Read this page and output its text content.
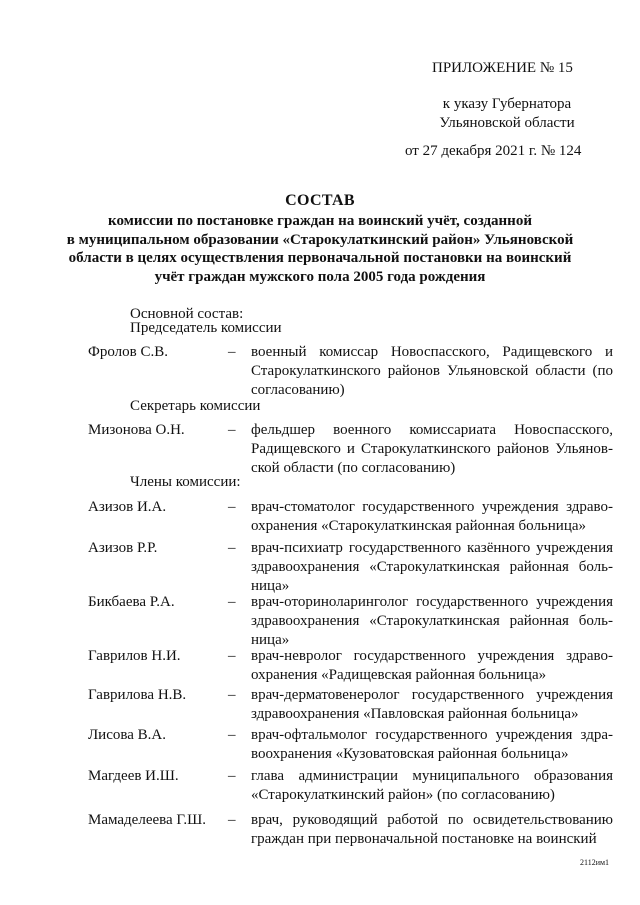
ПРИЛОЖЕНИЕ № 15
к указу Губернатора
Ульяновской области
от 27 декабря 2021 г. № 124
СОСТАВ
комиссии по постановке граждан на воинский учёт, созданной
в муниципальном образовании «Старокулаткинский район» Ульяновской
области в целях осуществления первоначальной постановки на воинский
учёт граждан мужского пола 2005 года рождения
Основной состав:
Председатель комиссии
Фролов С.В.	– военный комиссар Новоспасского, Радищевского и Старокулаткинского районов Ульяновской области (по согласованию)
Секретарь комиссии
Мизонова О.Н.	– фельдшер военного комиссариата Новоспасского, Радищевского и Старокулаткинского районов Ульяновской области (по согласованию)
Члены комиссии:
Азизов И.А.	– врач-стоматолог государственного учреждения здравоохранения «Старокулаткинская районная больница»
Азизов Р.Р.	– врач-психиатр государственного казённого учреждения здравоохранения «Старокулаткинская районная больница»
Бикбаева Р.А.	– врач-оториноларинголог государственного учреждения здравоохранения «Старокулаткинская районная больница»
Гаврилов Н.И.	– врач-невролог государственного учреждения здравоохранения «Радищевская районная больница»
Гаврилова Н.В.	– врач-дерматовенеролог государственного учреждения здравоохранения «Павловская районная больница»
Лисова В.А.	– врач-офтальмолог государственного учреждения здравоохранения «Кузоватовская районная больница»
Магдеев И.Ш.	– глава администрации муниципального образования «Старокулаткинский район» (по согласованию)
Мамаделеева Г.Ш. – врач, руководящий работой по освидетельствованию граждан при первоначальной постановке на воинский
2112им1
